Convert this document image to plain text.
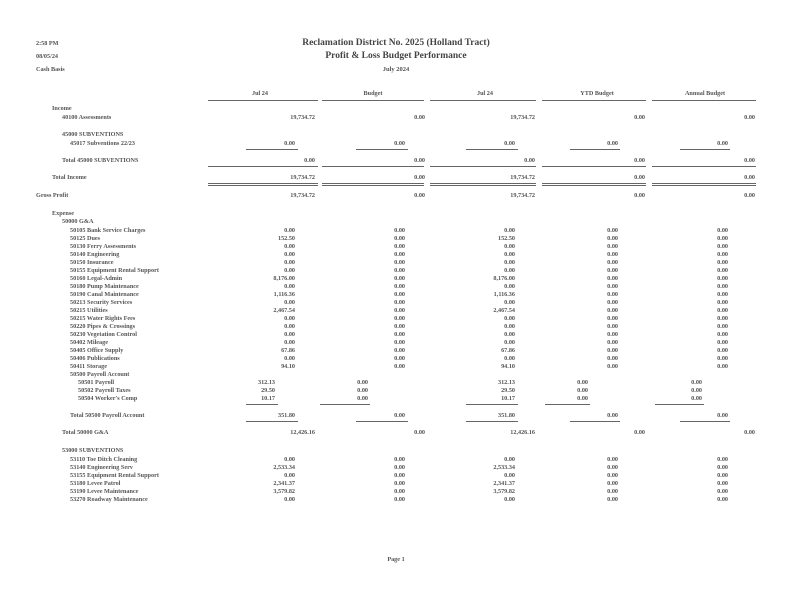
2:58 PM
08/05/24
Cash Basis
Reclamation District No. 2025 (Holland Tract)
Profit & Loss Budget Performance
July 2024
Jul 24	Budget	Jul 24	YTD Budget	Annual Budget
Income
40100 Assessments	19,734.72	0.00	19,734.72	0.00	0.00
45000 SUBVENTIONS
45017 Subventions 22/23	0.00	0.00	0.00	0.00	0.00
Total 45000 SUBVENTIONS	0.00	0.00	0.00	0.00	0.00
Total Income	19,734.72	0.00	19,734.72	0.00	0.00
Gross Profit	19,734.72	0.00	19,734.72	0.00	0.00
Expense
50000 G&A
50105 Bank Service Charges	0.00	0.00	0.00	0.00	0.00
50125 Dues	152.50	0.00	152.50	0.00	0.00
50130 Ferry Assessments	0.00	0.00	0.00	0.00	0.00
50140 Engineering	0.00	0.00	0.00	0.00	0.00
50150 Insurance	0.00	0.00	0.00	0.00	0.00
50155 Equipment Rental Support	0.00	0.00	0.00	0.00	0.00
50160 Legal-Admin	8,176.00	0.00	8,176.00	0.00	0.00
50180 Pump Maintenance	0.00	0.00	0.00	0.00	0.00
50190 Canal Maintenance	1,116.36	0.00	1,116.36	0.00	0.00
50213 Security Services	0.00	0.00	0.00	0.00	0.00
50215 Utilities	2,467.54	0.00	2,467.54	0.00	0.00
50215 Water Rights Fees	0.00	0.00	0.00	0.00	0.00
50220 Pipes & Crossings	0.00	0.00	0.00	0.00	0.00
50230 Vegetation Control	0.00	0.00	0.00	0.00	0.00
50402 Mileage	0.00	0.00	0.00	0.00	0.00
50405 Office Supply	67.86	0.00	67.86	0.00	0.00
50406 Publications	0.00	0.00	0.00	0.00	0.00
50411 Storage	94.10	0.00	94.10	0.00	0.00
50500 Payroll Account
50501 Payroll	312.13	0.00	312.13	0.00	0.00
50502 Payroll Taxes	29.50	0.00	29.50	0.00	0.00
50504 Worker's Comp	10.17	0.00	10.17	0.00	0.00
Total 50500 Payroll Account	351.80	0.00	351.80	0.00	0.00
Total 50000 G&A	12,426.16	0.00	12,426.16	0.00	0.00
53000 SUBVENTIONS
53110 Toe Ditch Cleaning	0.00	0.00	0.00	0.00	0.00
53140 Engineering Serv	2,533.34	0.00	2,533.34	0.00	0.00
53155 Equipment Rental Support	0.00	0.00	0.00	0.00	0.00
53180 Levee Patrol	2,341.37	0.00	2,341.37	0.00	0.00
53190 Levee Maintenance	3,579.82	0.00	3,579.82	0.00	0.00
53270 Roadway Maintenance	0.00	0.00	0.00	0.00	0.00
Page 1
